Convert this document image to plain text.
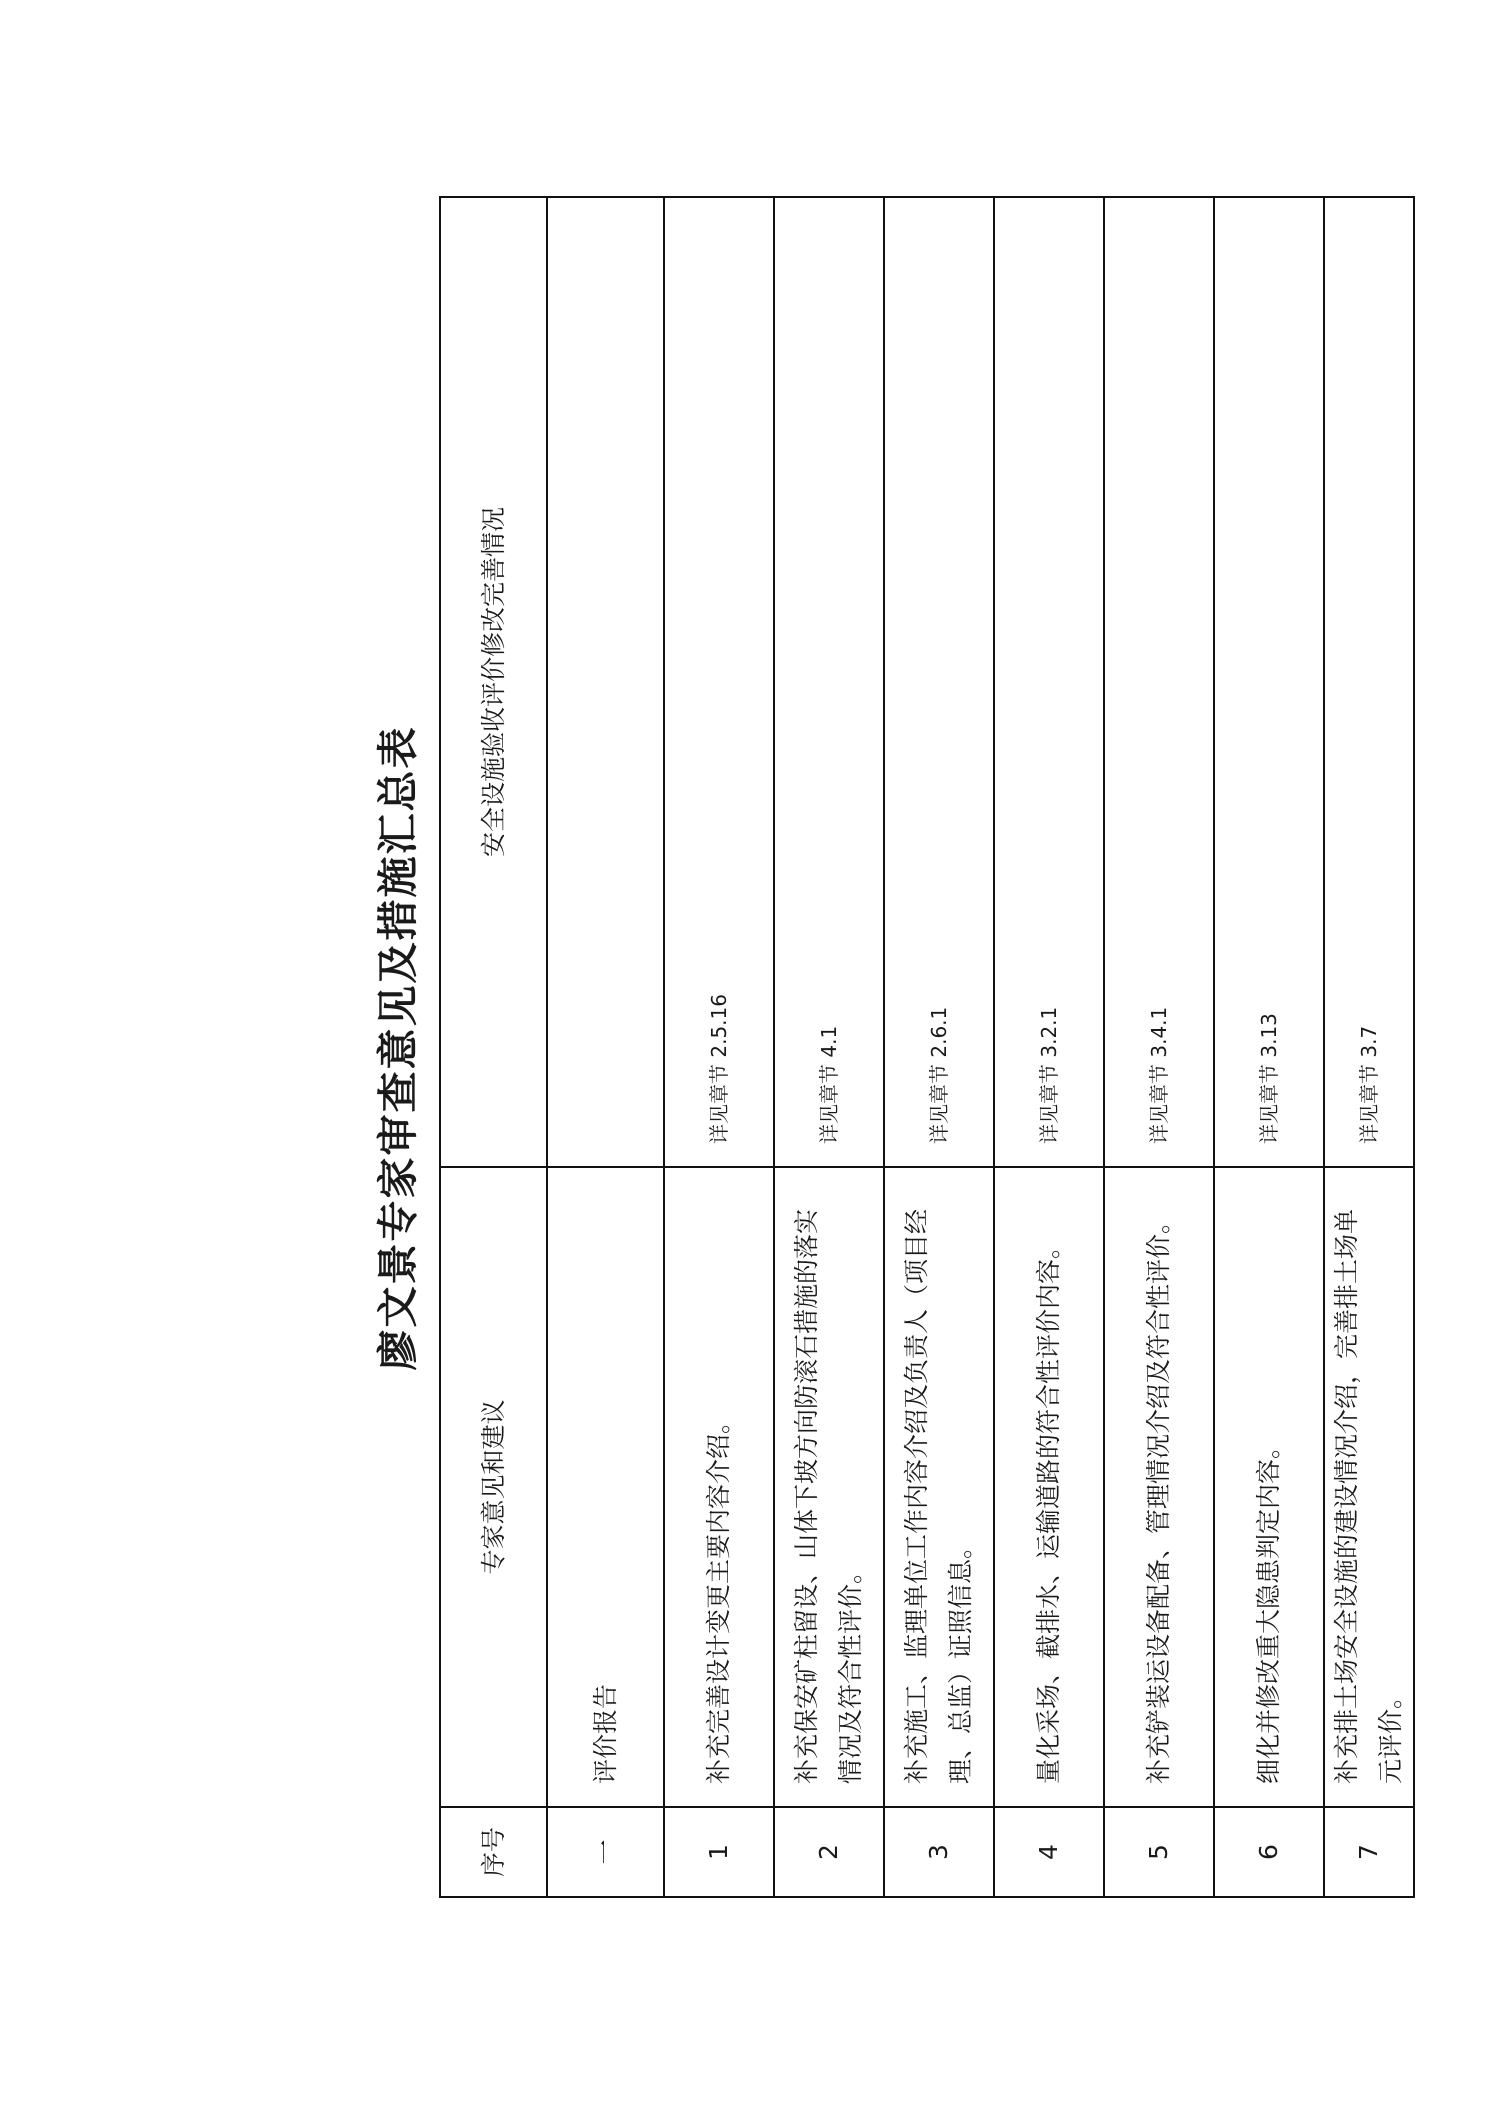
廖文景专家审查意见及措施汇总表
序号	专家意见和建议	安全设施验收评价修改完善情况
一	评价报告	
1	补充完善设计变更主要内容介绍。	详见章节 2.5.16
2	补充保安矿柱留设、山体下坡方向防滚石措施的落实情况及符合性评价。	详见章节 4.1
3	补充施工、监理单位工作内容介绍及负责人（项目经理、总监）证照信息。	详见章节 2.6.1
4	量化采场、截排水、运输道路的符合性评价内容。	详见章节 3.2.1
5	补充铲装运设备配备、管理情况介绍及符合性评价。	详见章节 3.4.1
6	细化并修改重大隐患判定内容。	详见章节 3.13
7	补充排土场安全设施的建设情况介绍，完善排土场单元评价。	详见章节 3.7
